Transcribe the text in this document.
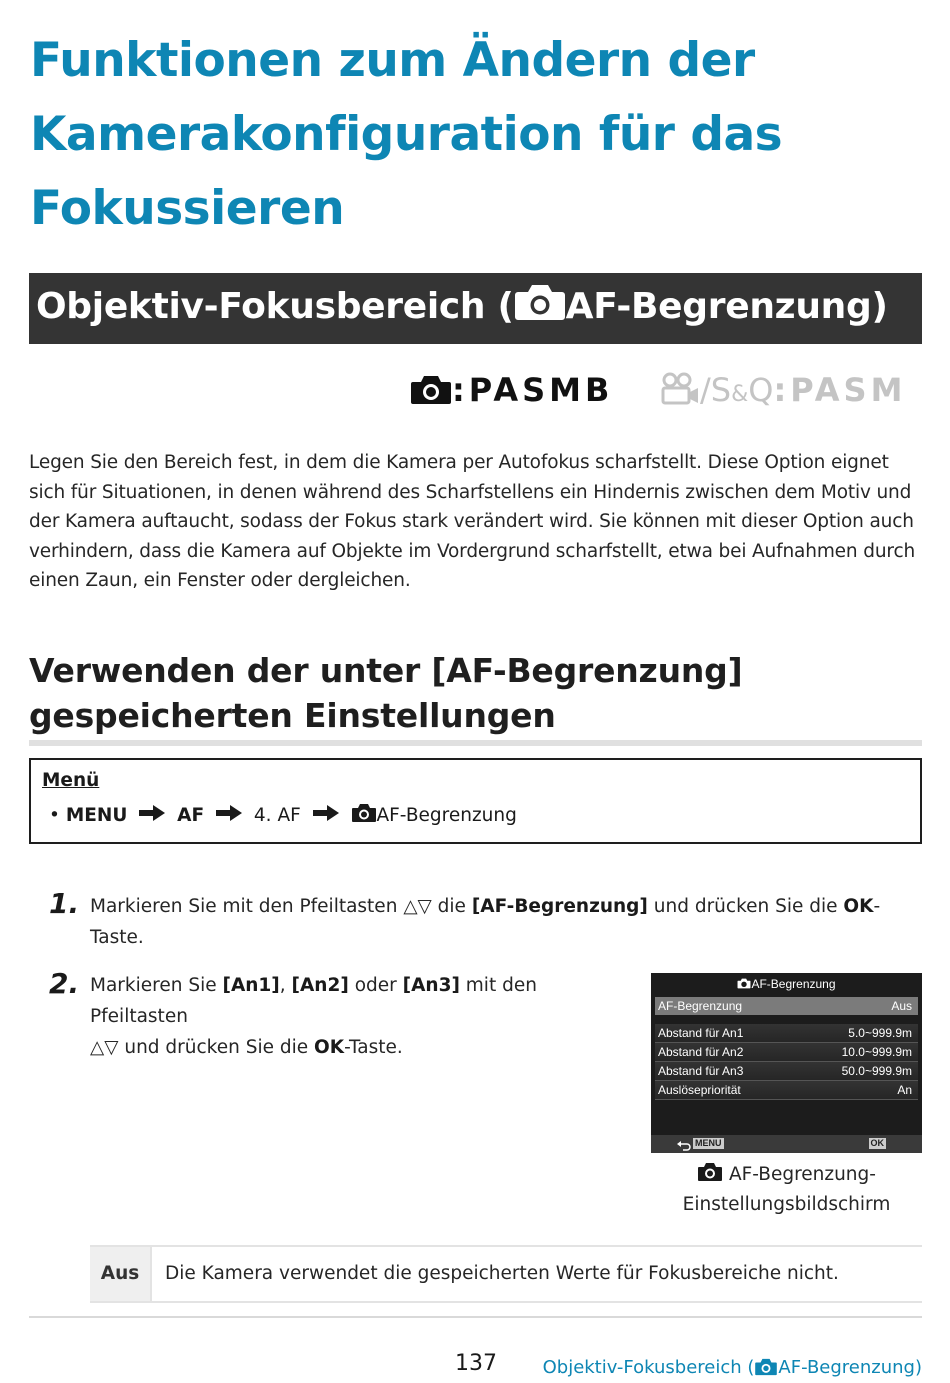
Funktionen zum Ändern der
Kamerakonfiguration für das
Fokussieren
Objektiv-Fokusbereich ( AF-Begrenzung)
:PASMB	/S&Q:PASM
Legen Sie den Bereich fest, in dem die Kamera per Autofokus scharfstellt. Diese Option eignet sich für Situationen, in denen während des Scharfstellens ein Hindernis zwischen dem Motiv und der Kamera auftaucht, sodass der Fokus stark verändert wird. Sie können mit dieser Option auch verhindern, dass die Kamera auf Objekte im Vordergrund scharfstellt, etwa bei Aufnahmen durch einen Zaun, ein Fenster oder dergleichen.
Verwenden der unter [AF-Begrenzung]
gespeicherten Einstellungen
Menü
• MENU	AF	4. AF	AF-Begrenzung
1. Markieren Sie mit den Pfeiltasten △▽ die [AF-Begrenzung] und drücken Sie die OK-Taste.
2. Markieren Sie [An1], [An2] oder [An3] mit den Pfeiltasten
△▽ und drücken Sie die OK-Taste.
AF-Begrenzung
AF-Begrenzung	Aus
Abstand für An1	5.0~999.9m
Abstand für An2	10.0~999.9m
Abstand für An3	50.0~999.9m
Auslösepriorität	An
MENU	OK
AF-Begrenzung-
Einstellungsbildschirm
Aus	Die Kamera verwendet die gespeicherten Werte für Fokusbereiche nicht.
137	Objektiv-Fokusbereich ( AF-Begrenzung)
